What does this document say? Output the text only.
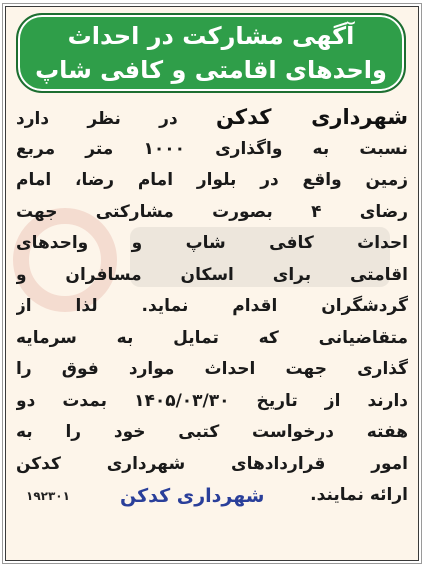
آگهی مشارکت در احداث
واحدهای اقامتی و کافی شاپ
شهرداری کدکن در نظر دارد
نسبت به واگذاری ۱۰۰۰ متر مربع
زمین واقع در بلوار امام رضا، امام
رضای ۴ بصورت مشارکتی جهت
احداث کافی شاپ و واحدهای
اقامتی برای اسکان مسافران و
گردشگران اقدام نماید. لذا از
متقاضیانی که تمایل به سرمایه
گذاری جهت احداث موارد فوق را
دارند از تاریخ ۱۴۰۵/۰۳/۳۰ بمدت دو
هفته درخواست کتبی خود را به
امور قراردادهای شهرداری کدکن
ارائه نمایند.
شهرداری کدکن
۱۹۲۳۰۱
